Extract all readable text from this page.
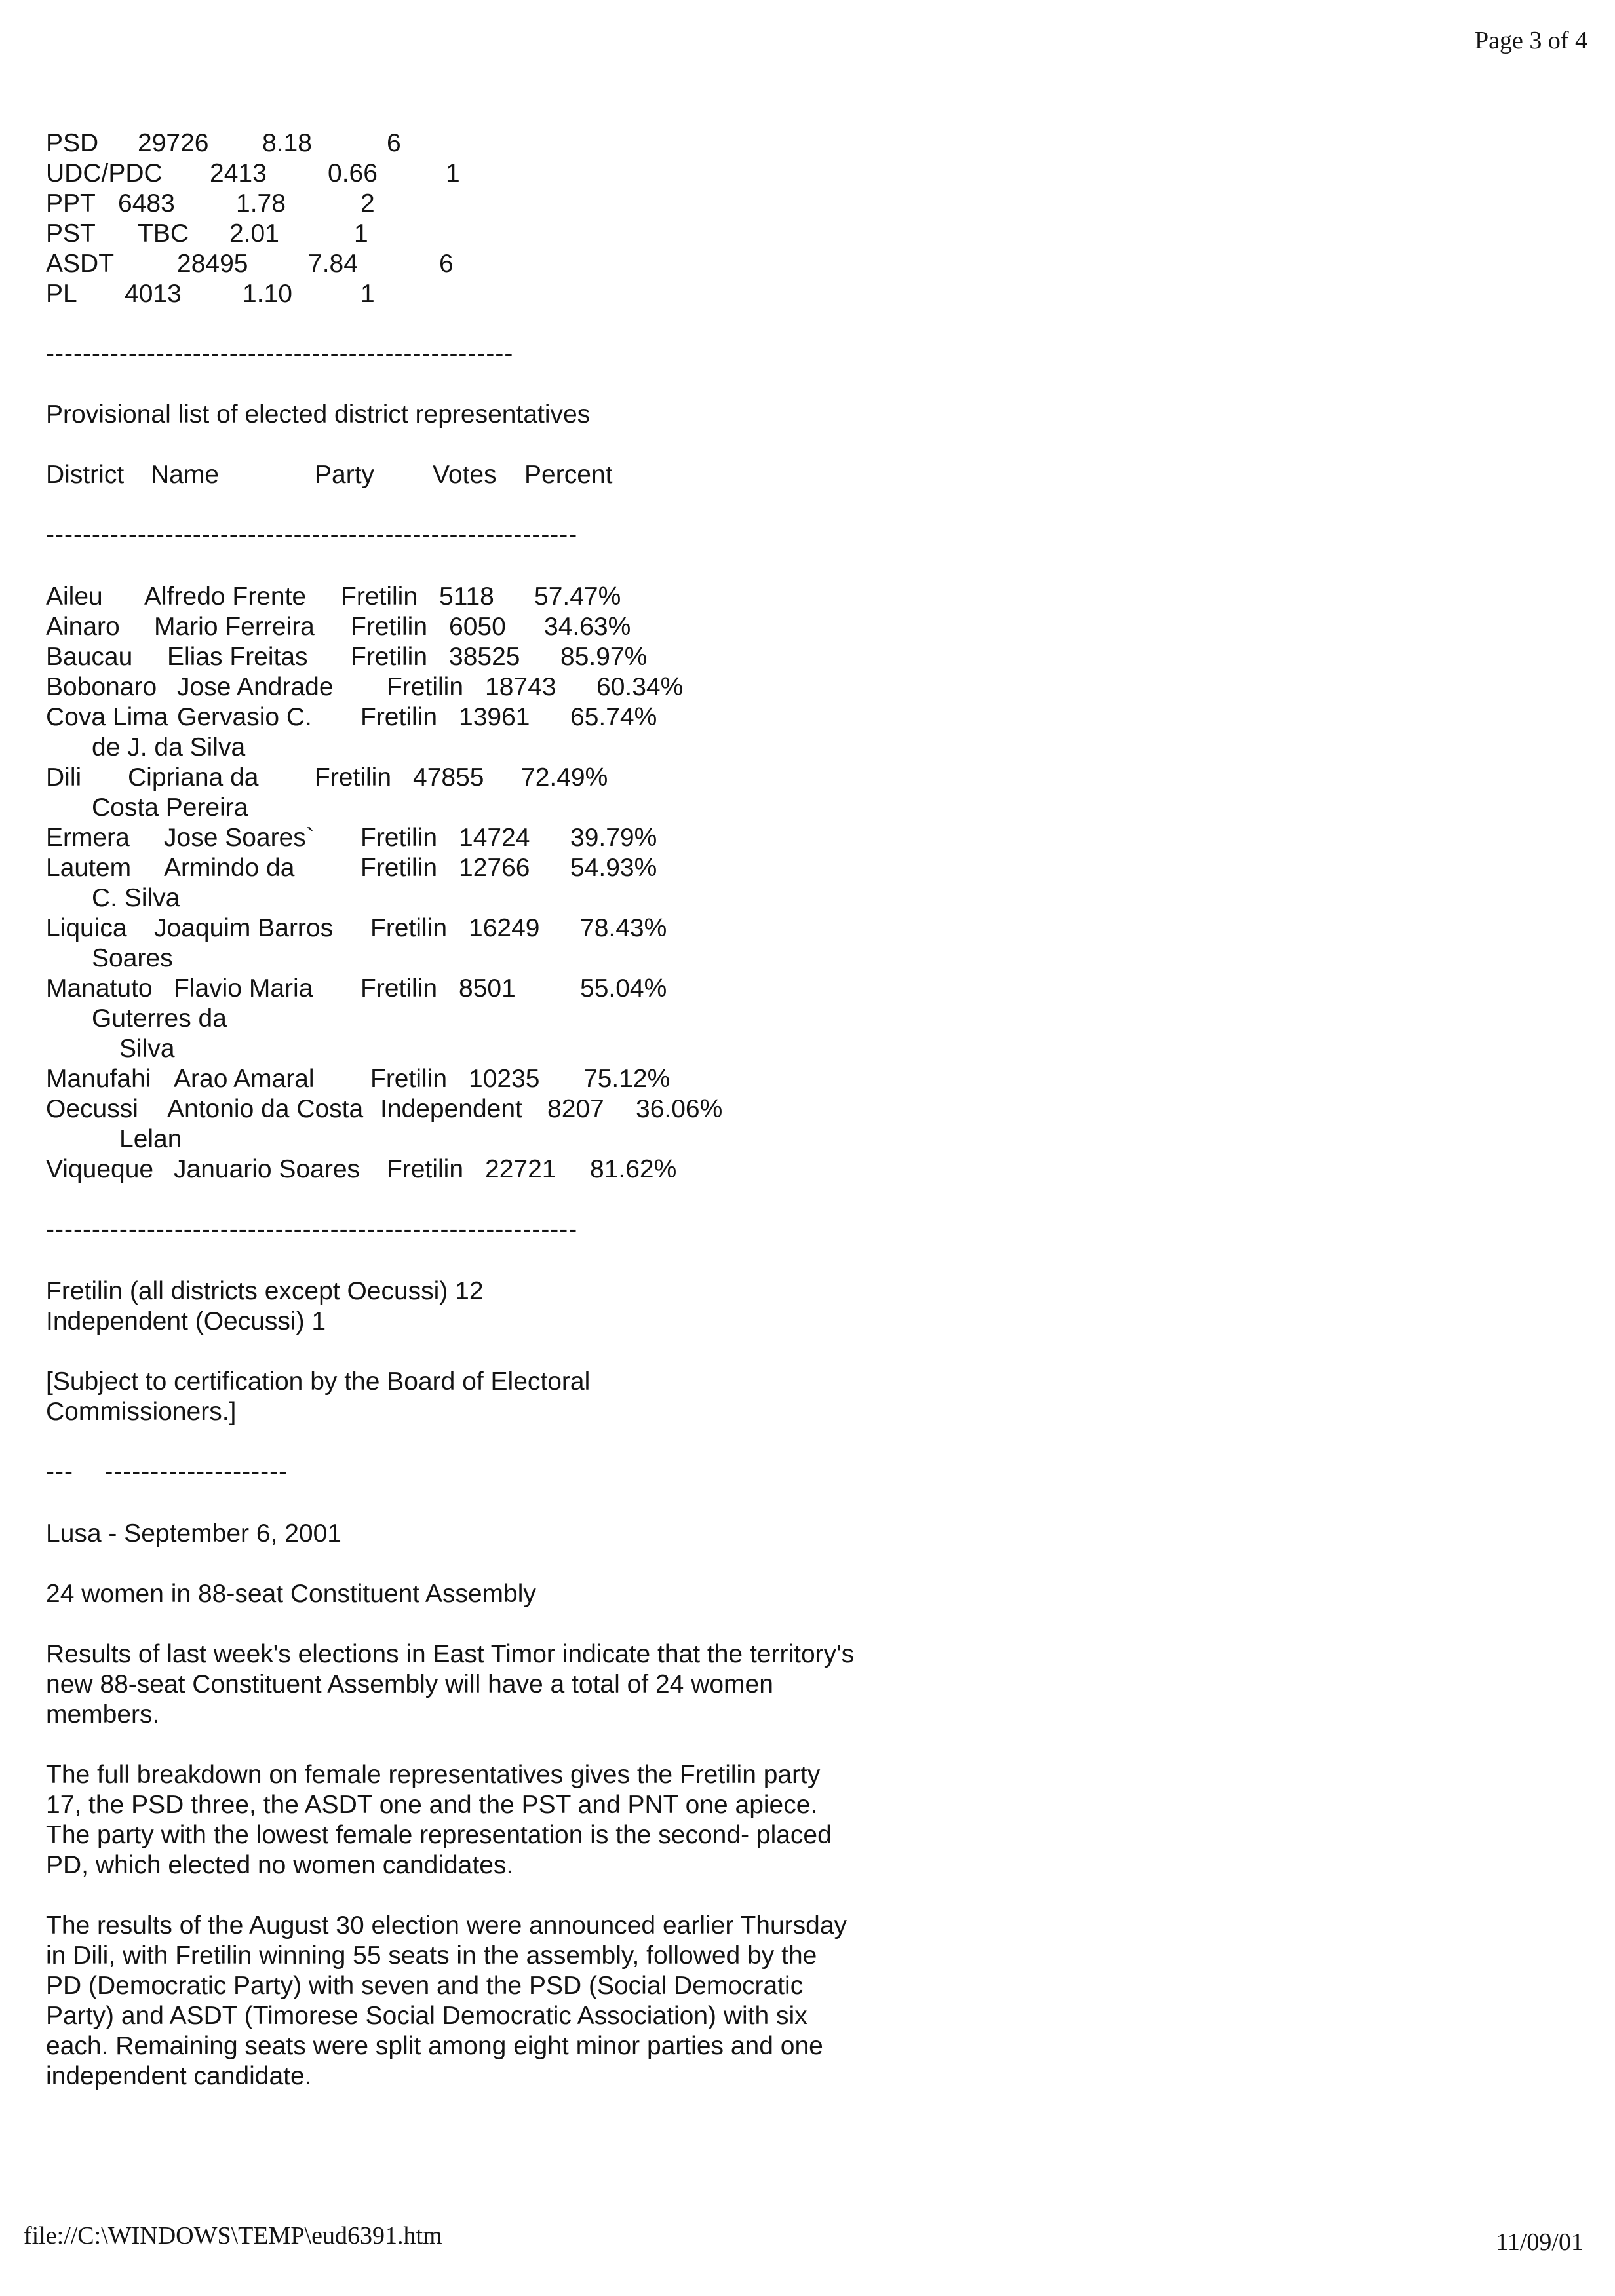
Page 3 of 4
PSD 29726 8.18	6
UDC/PDC 2413 0.66	1
PPT 6483 1.78	2
PST TBC 2.01	1
ASDT 28495 7.84	6
PL 4013 1.10	1
---------------------------------------------------
Provisional list of elected district representatives
District Name	Party Votes Percent
----------------------------------------------------------
Aileu Alfredo Frente Fretilin 5118 57.47%
Ainaro Mario Ferreira Fretilin 6050 34.63%
Baucau Elias Freitas Fretilin 38525 85.97%
Bobonaro Jose Andrade Fretilin 18743 60.34%
Cova Lima Gervasio C. Fretilin 13961 65.74%
de J. da Silva
Dili Cipriana da Fretilin 47855 72.49%
Costa Pereira
Ermera Jose Soares` Fretilin 14724 39.79%
Lautem Armindo da	Fretilin 12766 54.93%
C. Silva
Liquica Joaquim Barros Fretilin 16249 78.43%
Soares
Manatuto Flavio Maria Fretilin 8501	55.04%
Guterres da
Silva
Manufahi Arao Amaral Fretilin 10235 75.12%
Oecussi Antonio da Costa Independent 8207 36.06%
Lelan
Viqueque Januario Soares Fretilin 22721 81.62%
----------------------------------------------------------
Fretilin (all districts except Oecussi) 12
Independent (Oecussi) 1

[Subject to certification by the Board of Electoral Commissioners.]

--- --------------------
Lusa - September 6, 2001
24 women in 88-seat Constituent Assembly

Results of last week's elections in East Timor indicate that the territory's new 88-seat Constituent Assembly will have a total of 24 women members.

The full breakdown on female representatives gives the Fretilin party 17, the PSD three, the ASDT one and the PST and PNT one apiece. The party with the lowest female representation is the second- placed PD, which elected no women candidates.

The results of the August 30 election were announced earlier Thursday in Dili, with Fretilin winning 55 seats in the assembly, followed by the PD (Democratic Party) with seven and the PSD (Social Democratic Party) and ASDT (Timorese Social Democratic Association) with six each. Remaining seats were split among eight minor parties and one independent candidate.

file://C:\WINDOWS\TEMP\eud6391.htm	11/09/01
